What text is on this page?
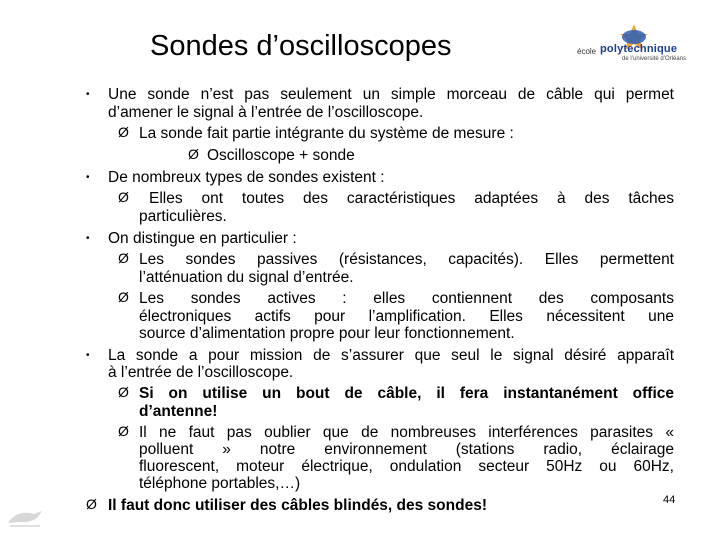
Sondes d’oscilloscopes	école polytechnique
de l’université d’Orléans
• Une sonde n’est pas seulement un simple morceau de câble qui permet
d’amener le signal à l’entrée de l’oscilloscope.
Ø La sonde fait partie intégrante du système de mesure :
Ø Oscilloscope + sonde
• De nombreux types de sondes existent :
Ø Elles ont toutes des caractéristiques adaptées à des tâches
particulières.
• On distingue en particulier :
Ø Les sondes passives (résistances, capacités). Elles permettent
l’atténuation du signal d’entrée.
Ø Les sondes actives : elles contiennent des composants
électroniques actifs pour l’amplification. Elles nécessitent une
source d’alimentation propre pour leur fonctionnement.
• La sonde a pour mission de s’assurer que seul le signal désiré apparaît
à l’entrée de l’oscilloscope.
Ø Si on utilise un bout de câble, il fera instantanément office
d’antenne!
Ø Il ne faut pas oublier que de nombreuses interférences parasites «
polluent » notre environnement (stations radio, éclairage
fluorescent, moteur électrique, ondulation secteur 50Hz ou 60Hz,
téléphone portables,…)
Ø Il faut donc utiliser des câbles blindés, des sondes!	44
